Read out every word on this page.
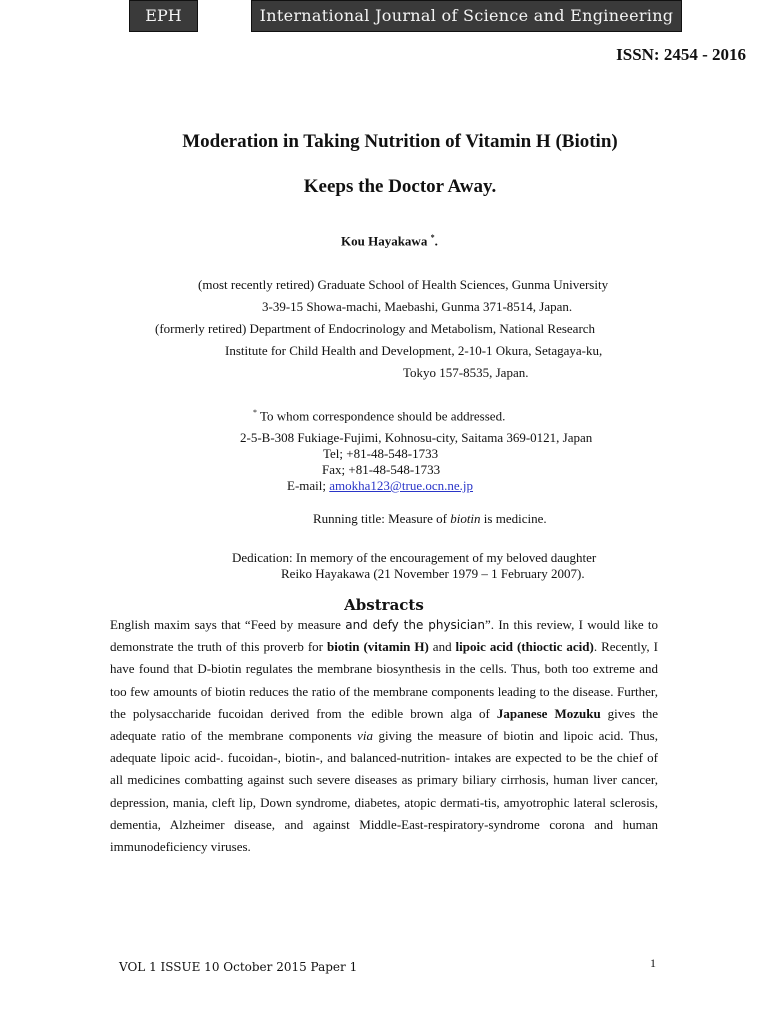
EPH	International Journal of Science and Engineering
ISSN: 2454 - 2016
Moderation in Taking Nutrition of Vitamin H (Biotin)
Keeps the Doctor Away.
Kou Hayakawa *.
(most recently retired) Graduate School of Health Sciences, Gunma University
3-39-15 Showa-machi, Maebashi, Gunma 371-8514, Japan.
(formerly retired) Department of Endocrinology and Metabolism, National Research
Institute for Child Health and Development, 2-10-1 Okura, Setagaya-ku,
Tokyo 157-8535, Japan.
* To whom correspondence should be addressed.
2-5-B-308 Fukiage-Fujimi, Kohnosu-city, Saitama 369-0121, Japan
Tel; +81-48-548-1733
Fax; +81-48-548-1733
E-mail; amokha123@true.ocn.ne.jp
Running title: Measure of biotin is medicine.
Dedication: In memory of the encouragement of my beloved daughter
Reiko Hayakawa (21 November 1979 – 1 February 2007).
Abstracts
English maxim says that “Feed by measure and defy the physician”. In this review, I would like to demonstrate the truth of this proverb for biotin (vitamin H) and lipoic acid (thioctic acid). Recently, I have found that D-biotin regulates the membrane biosynthesis in the cells. Thus, both too extreme and too few amounts of biotin reduces the ratio of the membrane components leading to the disease. Further, the polysaccharide fucoidan derived from the edible brown alga of Japanese Mozuku gives the adequate ratio of the membrane components via giving the measure of biotin and lipoic acid. Thus, adequate lipoic acid-. fucoidan-, biotin-, and balanced-nutrition- intakes are expected to be the chief of all medicines combatting against such severe diseases as primary biliary cirrhosis, human liver cancer, depression, mania, cleft lip, Down syndrome, diabetes, atopic dermati-tis, amyotrophic lateral sclerosis, dementia, Alzheimer disease, and against Middle-East-respiratory-syndrome corona and human immunodeficiency viruses.
VOL 1 ISSUE 10 October 2015 Paper 1	1
